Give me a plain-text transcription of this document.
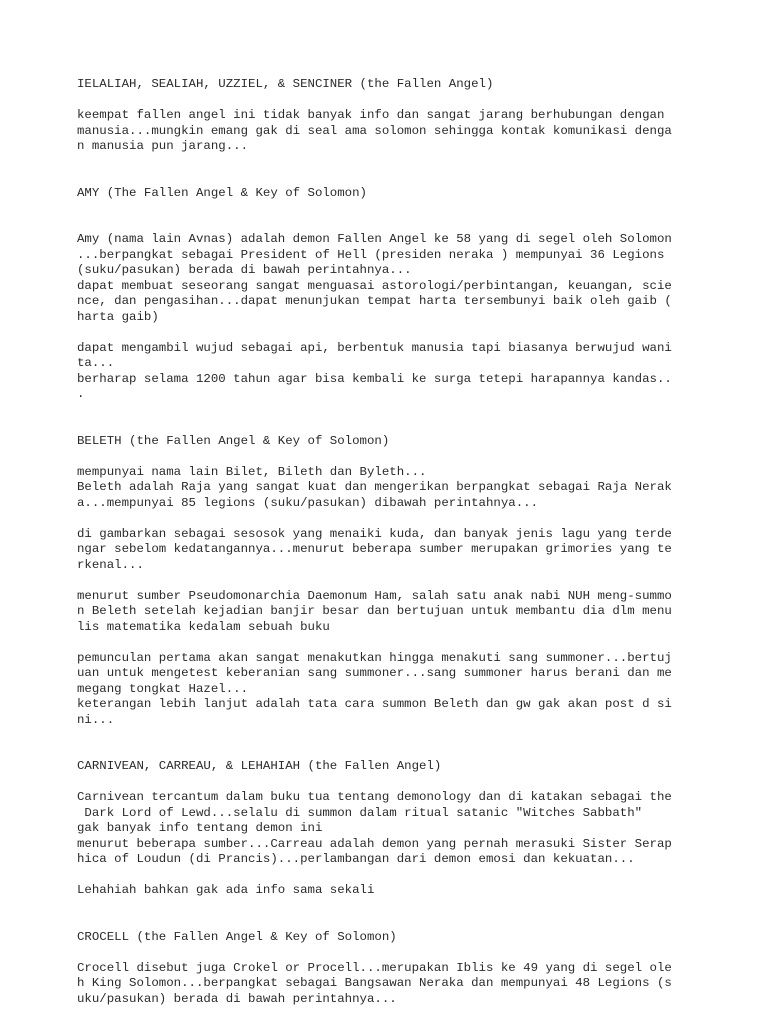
IELALIAH, SEALIAH, UZZIEL, & SENCINER (the Fallen Angel)
keempat fallen angel ini tidak banyak info dan sangat jarang berhubungan dengan
manusia...mungkin emang gak di seal ama solomon sehingga kontak komunikasi denga
n manusia pun jarang...
AMY (The Fallen Angel & Key of Solomon)
Amy (nama lain Avnas) adalah demon Fallen Angel ke 58 yang di segel oleh Solomon
...berpangkat sebagai President of Hell (presiden neraka ) mempunyai 36 Legions
(suku/pasukan) berada di bawah perintahnya...
dapat membuat seseorang sangat menguasai astorologi/perbintangan, keuangan, scie
nce, dan pengasihan...dapat menunjukan tempat harta tersembunyi baik oleh gaib (
harta gaib)
dapat mengambil wujud sebagai api, berbentuk manusia tapi biasanya berwujud wani
ta...
berharap selama 1200 tahun agar bisa kembali ke surga tetepi harapannya kandas..
.
BELETH (the Fallen Angel & Key of Solomon)
mempunyai nama lain Bilet, Bileth dan Byleth...
Beleth adalah Raja yang sangat kuat dan mengerikan berpangkat sebagai Raja Nerak
a...mempunyai 85 legions (suku/pasukan) dibawah perintahnya...
di gambarkan sebagai sesosok yang menaiki kuda, dan banyak jenis lagu yang terde
ngar sebelom kedatangannya...menurut beberapa sumber merupakan grimories yang te
rkenal...
menurut sumber Pseudomonarchia Daemonum Ham, salah satu anak nabi NUH meng-summo
n Beleth setelah kejadian banjir besar dan bertujuan untuk membantu dia dlm menu
lis matematika kedalam sebuah buku
pemunculan pertama akan sangat menakutkan hingga menakuti sang summoner...bertuj
uan untuk mengetest keberanian sang summoner...sang summoner harus berani dan me
megang tongkat Hazel...
keterangan lebih lanjut adalah tata cara summon Beleth dan gw gak akan post d si
ni...
CARNIVEAN, CARREAU, & LEHAHIAH (the Fallen Angel)
Carnivean tercantum dalam buku tua tentang demonology dan di katakan sebagai the
Dark Lord of Lewd...selalu di summon dalam ritual satanic "Witches Sabbath"
gak banyak info tentang demon ini
menurut beberapa sumber...Carreau adalah demon yang pernah merasuki Sister Serap
hica of Loudun (di Prancis)...perlambangan dari demon emosi dan kekuatan...
Lehahiah bahkan gak ada info sama sekali
CROCELL (the Fallen Angel & Key of Solomon)
Crocell disebut juga Crokel or Procell...merupakan Iblis ke 49 yang di segel ole
h King Solomon...berpangkat sebagai Bangsawan Neraka dan mempunyai 48 Legions (s
uku/pasukan) berada di bawah perintahnya...
